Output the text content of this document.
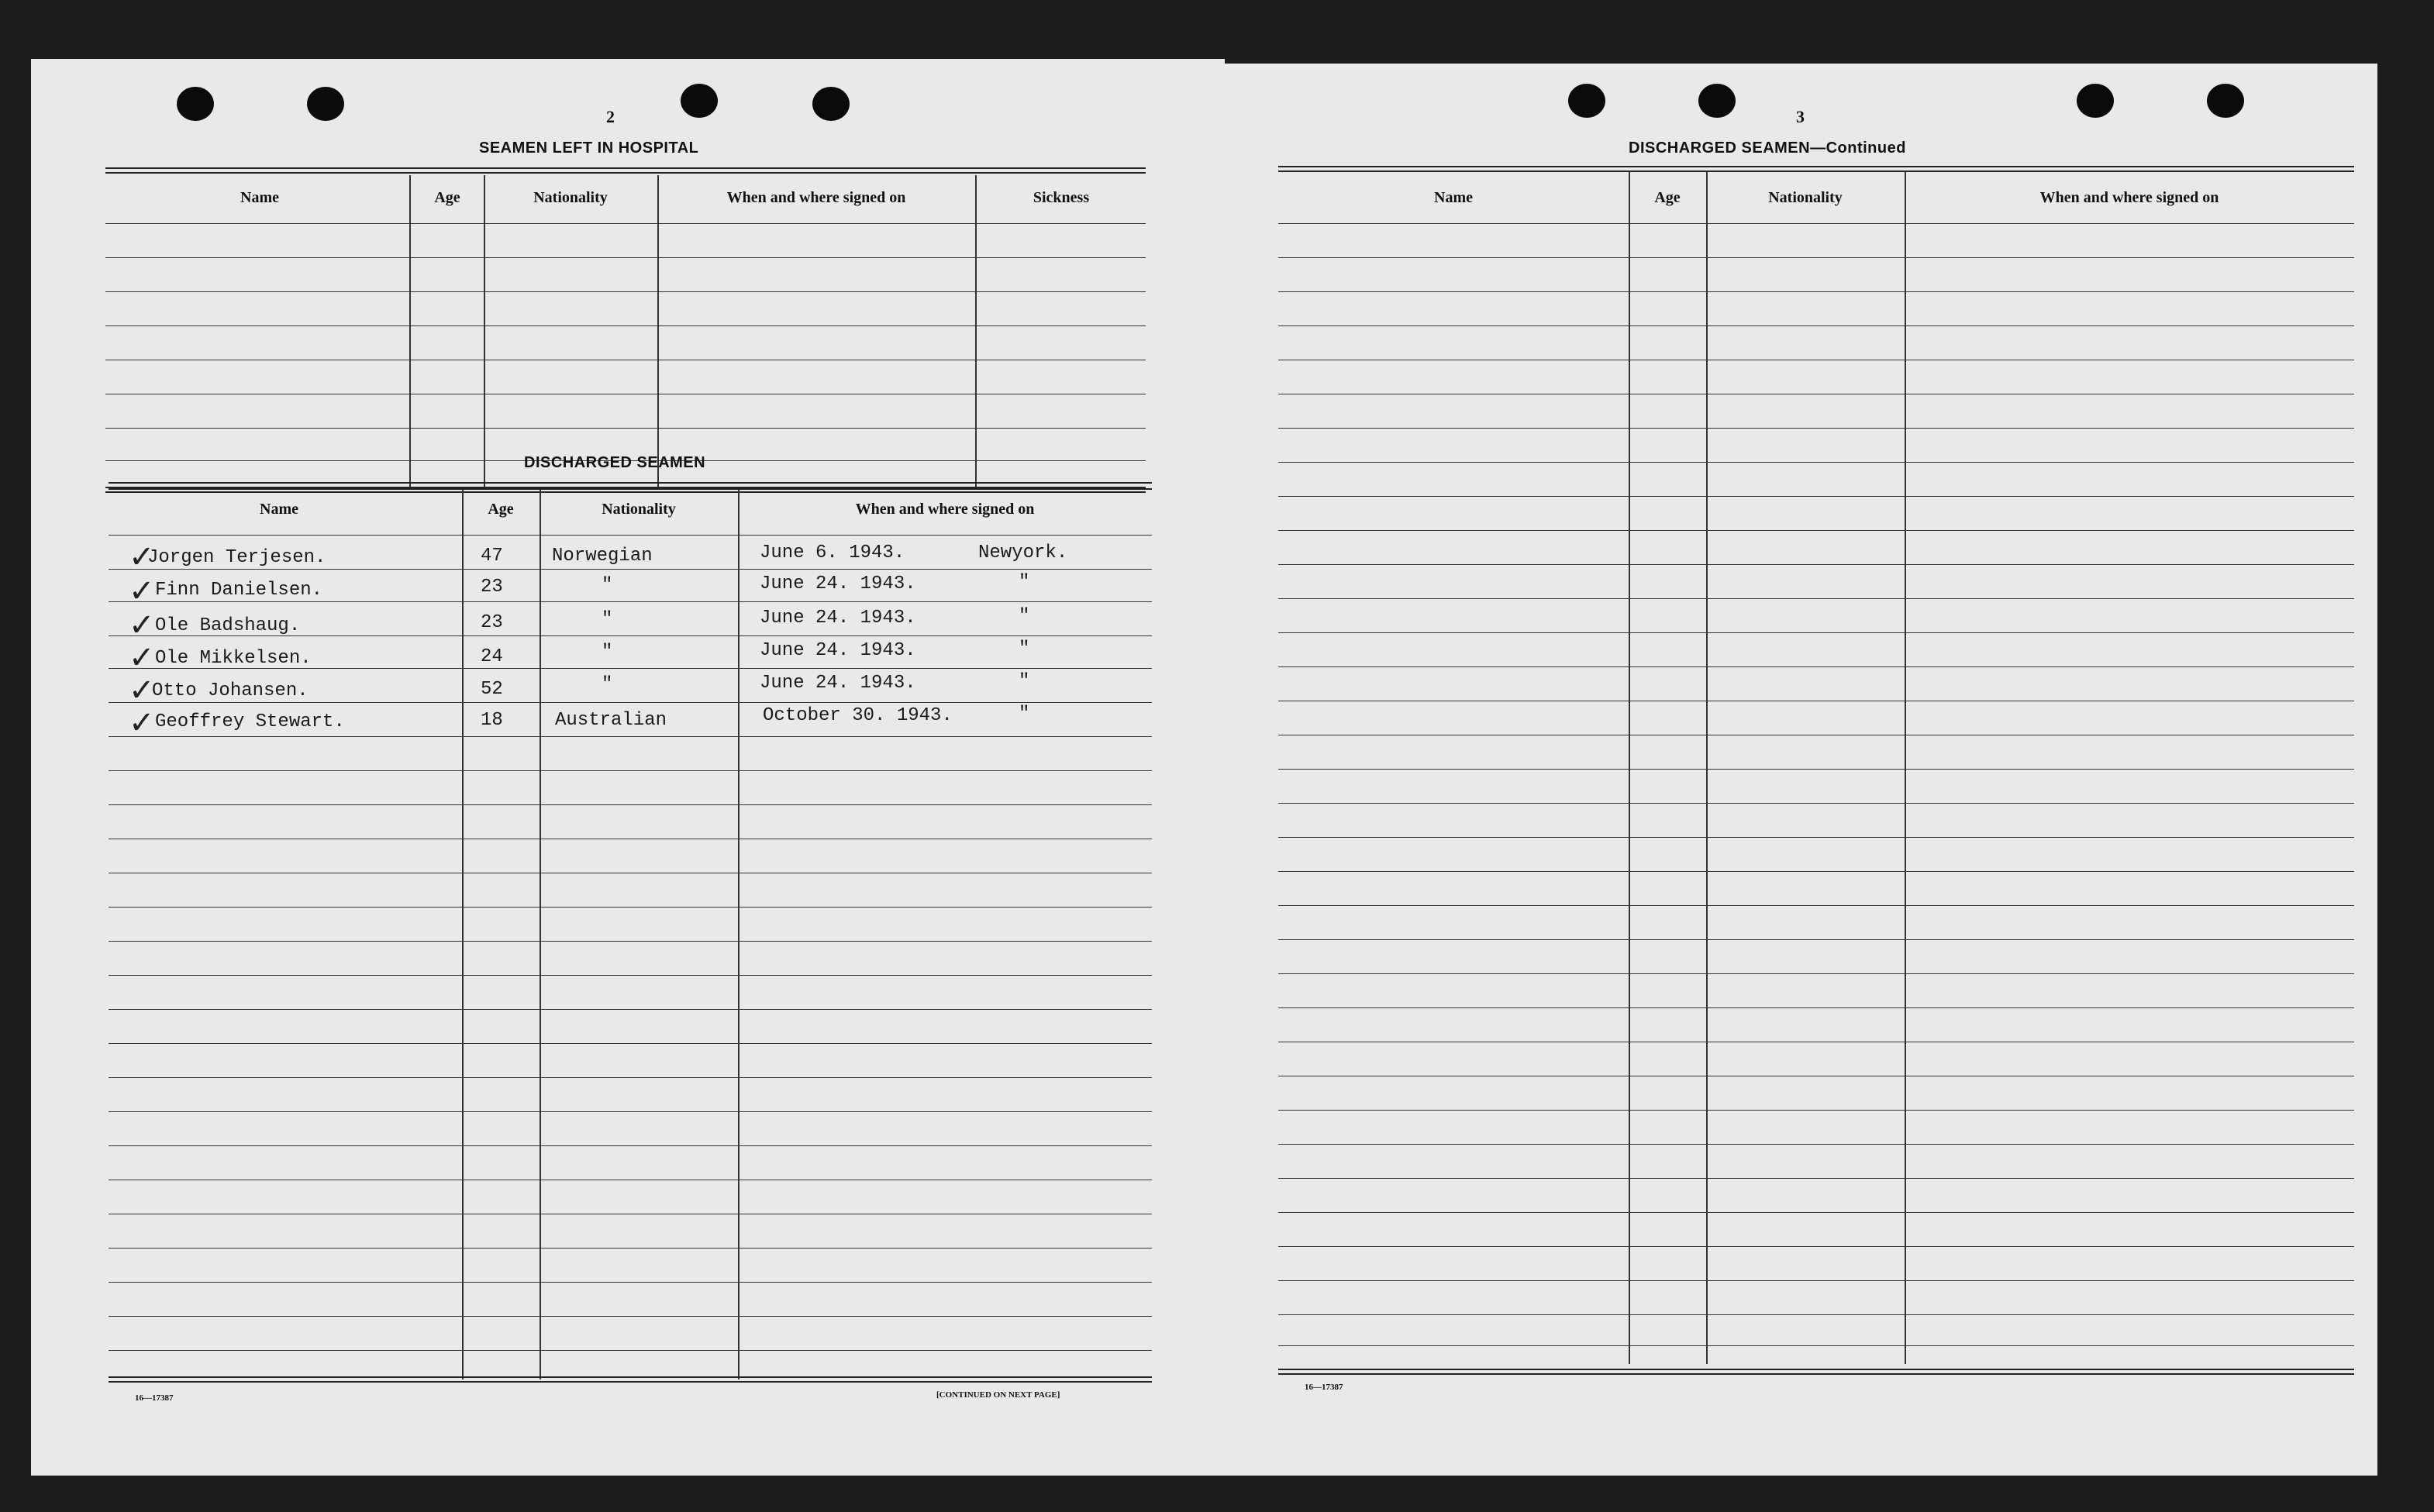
2
SEAMEN LEFT IN HOSPITAL
Name	Age	Nationality	When and where signed on	Sickness
DISCHARGED SEAMEN
Name	Age	Nationality	When and where signed on
✓
✓
✓
✓
✓
✓
Jorgen Terjesen.	47	Norwegian	June 6. 1943.	Newyork.
Finn Danielsen.	23	"	June 24. 1943.	"
Ole Badshaug.	23	"	June 24. 1943.	"
Ole Mikkelsen.	24	"	June 24. 1943.	"
Otto Johansen.	52	"	June 24. 1943.	"
Geoffrey Stewart.	18	Australian	October 30. 1943.	"
16—17387	[CONTINUED ON NEXT PAGE]
3
DISCHARGED SEAMEN—Continued
Name	Age	Nationality	When and where signed on
16—17387
